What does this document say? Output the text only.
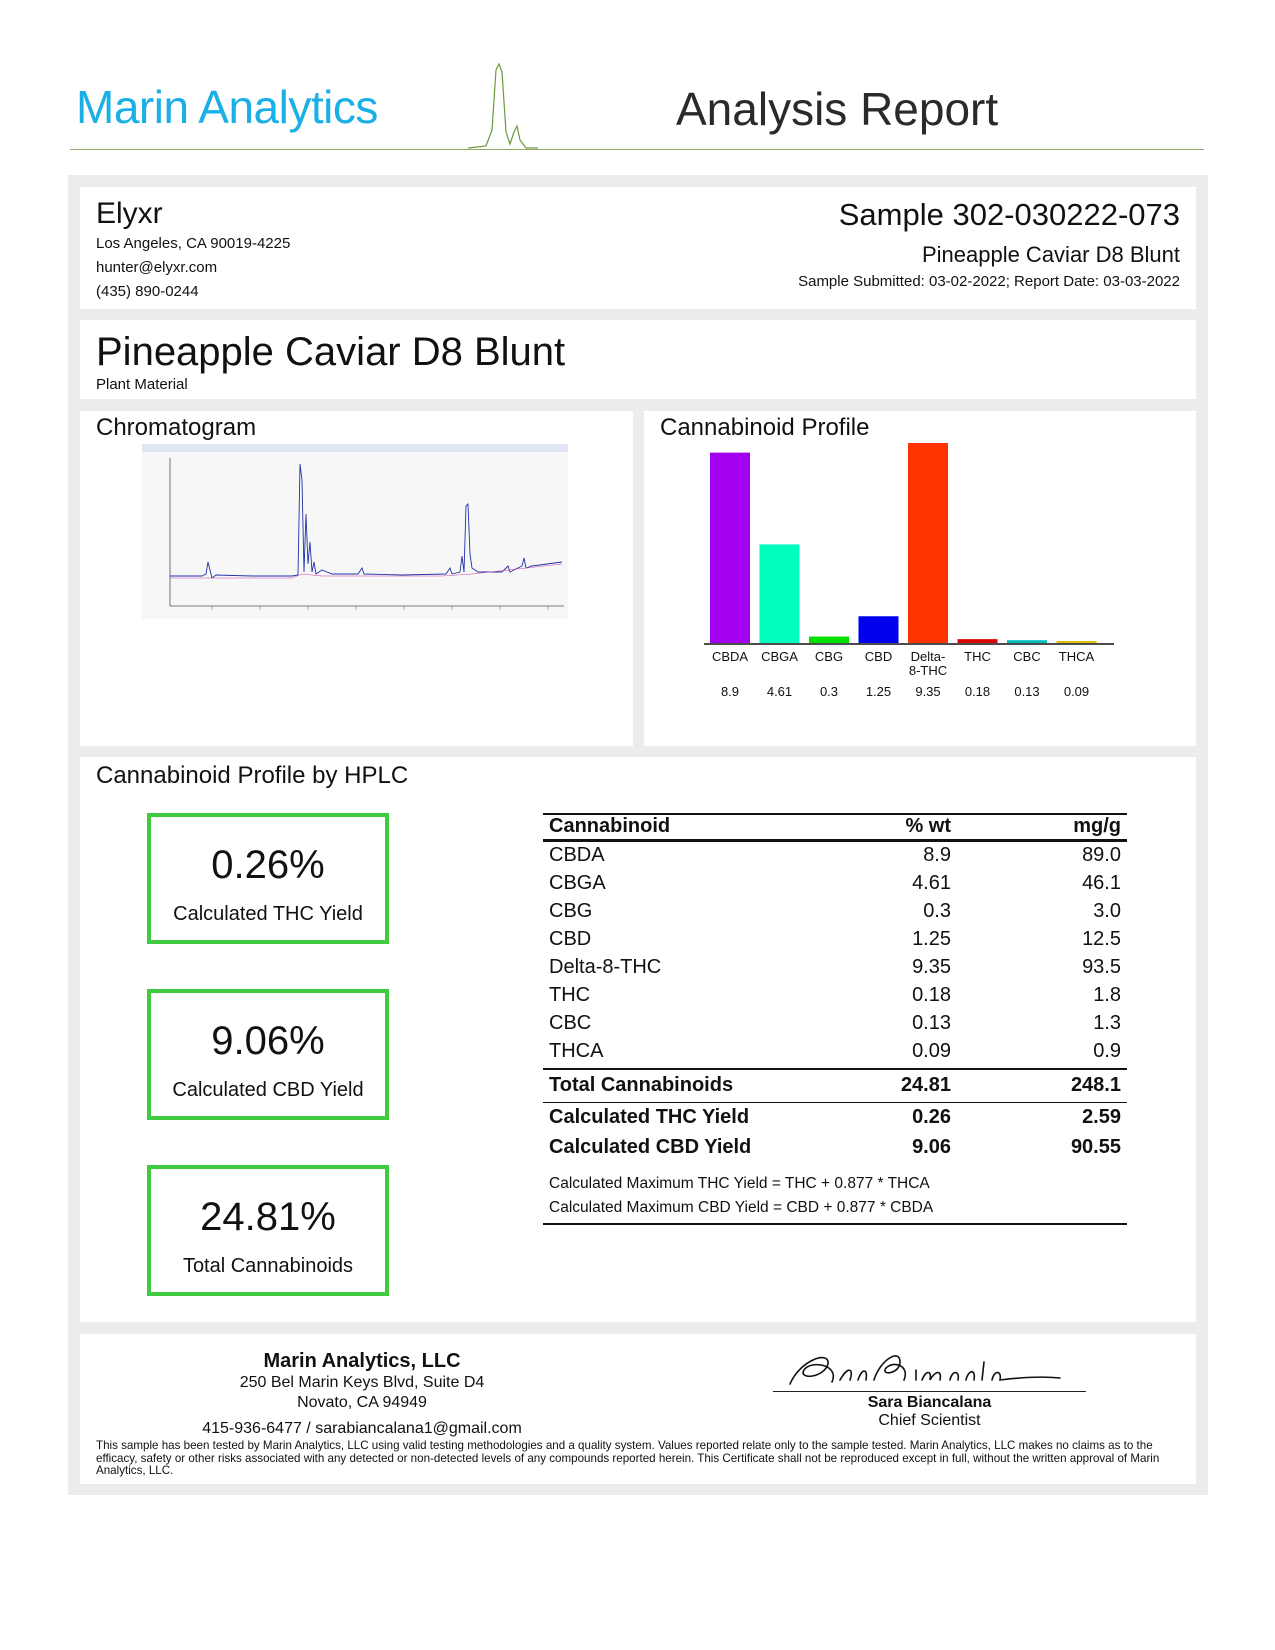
Marin Analytics	Analysis Report
Elyxr
Los Angeles, CA 90019-4225
hunter@elyxr.com
(435) 890-0244
Sample 302-030222-073
Pineapple Caviar D8 Blunt
Sample Submitted: 03-02-2022; Report Date: 03-03-2022
Pineapple Caviar D8 Blunt
Plant Material
Chromatogram	Cannabinoid Profile
CBDA
8.9
CBGA
4.61
CBG
0.3
CBD
1.25
Delta-
8-THC
9.35
THC
0.18
CBC
0.13
THCA
0.09
Cannabinoid Profile by HPLC
0.26%
Calculated THC Yield
9.06%
Calculated CBD Yield
24.81%
Total Cannabinoids
Cannabinoid	% wt	mg/g
CBDA	8.9	89.0
CBGA	4.61	46.1
CBG	0.3	3.0
CBD	1.25	12.5
Delta-8-THC	9.35	93.5
THC	0.18	1.8
CBC	0.13	1.3
THCA	0.09	0.9
Total Cannabinoids	24.81	248.1
Calculated THC Yield	0.26	2.59
Calculated CBD Yield	9.06	90.55
Calculated Maximum THC Yield = THC + 0.877 * THCA
Calculated Maximum CBD Yield = CBD + 0.877 * CBDA
Marin Analytics, LLC
250 Bel Marin Keys Blvd, Suite D4
Novato, CA 94949
415-936-6477 / sarabiancalana1@gmail.com
Sara Biancalana
Chief Scientist
This sample has been tested by Marin Analytics, LLC using valid testing methodologies and a quality system. Values reported relate only to the sample tested. Marin Analytics, LLC makes no claims as to the efficacy, safety or other risks associated with any detected or non-detected levels of any compounds reported herein. This Certificate shall not be reproduced except in full, without the written approval of Marin Analytics, LLC.
